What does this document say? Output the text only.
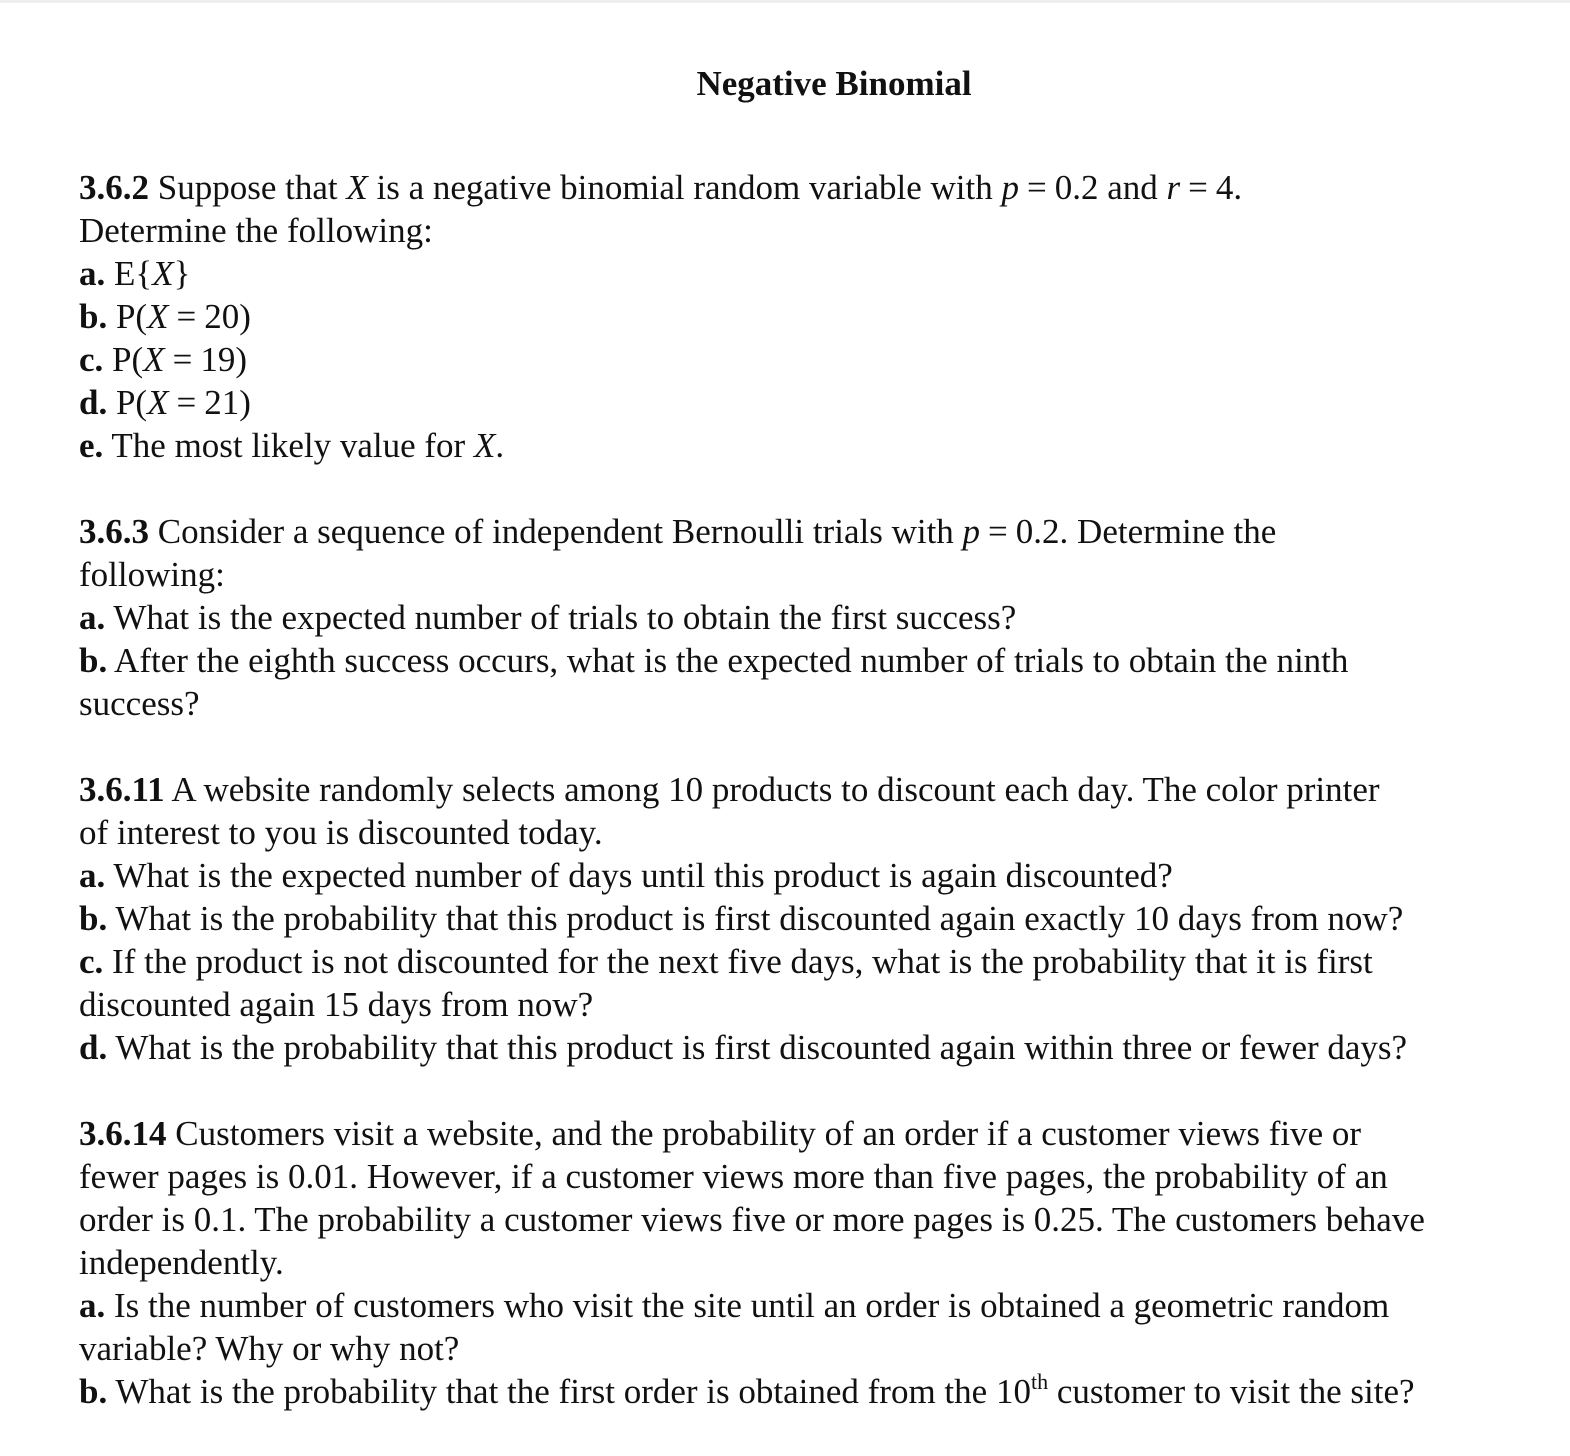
Negative Binomial
3.6.2 Suppose that X is a negative binomial random variable with p = 0.2 and r = 4.
Determine the following:
a. E{X}
b. P(X = 20)
c. P(X = 19)
d. P(X = 21)
e. The most likely value for X.
3.6.3 Consider a sequence of independent Bernoulli trials with p = 0.2. Determine the
following:
a. What is the expected number of trials to obtain the first success?
b. After the eighth success occurs, what is the expected number of trials to obtain the ninth
success?
3.6.11 A website randomly selects among 10 products to discount each day. The color printer
of interest to you is discounted today.
a. What is the expected number of days until this product is again discounted?
b. What is the probability that this product is first discounted again exactly 10 days from now?
c. If the product is not discounted for the next five days, what is the probability that it is first
discounted again 15 days from now?
d. What is the probability that this product is first discounted again within three or fewer days?
3.6.14 Customers visit a website, and the probability of an order if a customer views five or
fewer pages is 0.01. However, if a customer views more than five pages, the probability of an
order is 0.1. The probability a customer views five or more pages is 0.25. The customers behave
independently.
a. Is the number of customers who visit the site until an order is obtained a geometric random
variable? Why or why not?
b. What is the probability that the first order is obtained from the 10th customer to visit the site?
